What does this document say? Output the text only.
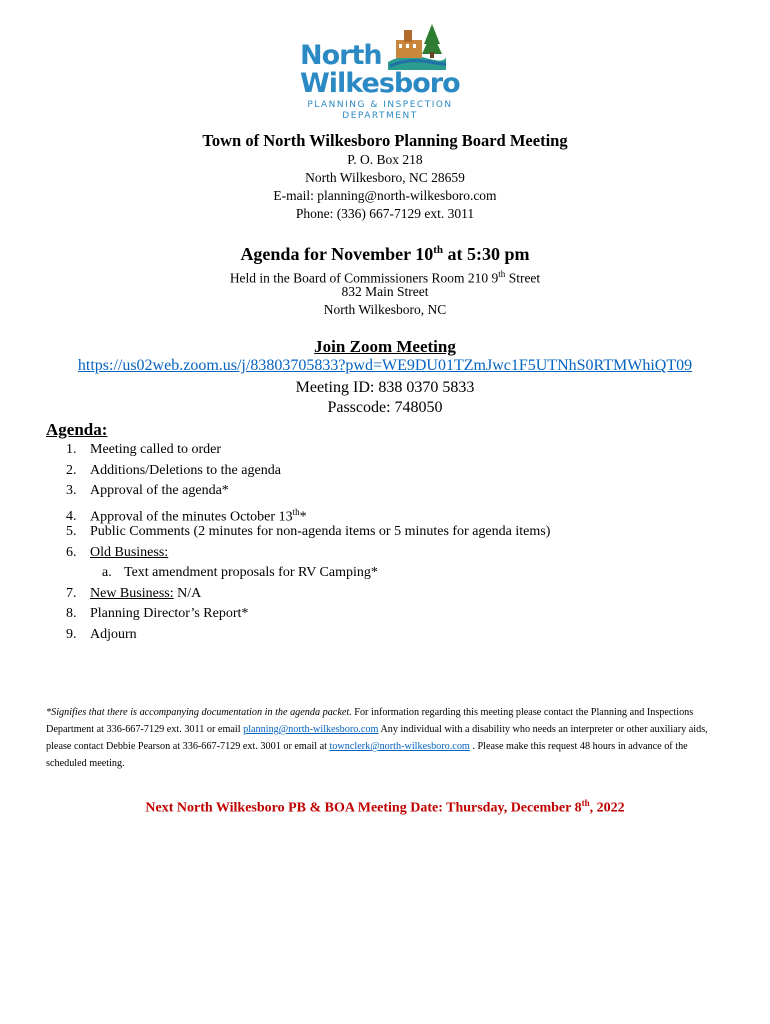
North
Wilkesboro
PLANNING & INSPECTION
DEPARTMENT
Town of North Wilkesboro Planning Board Meeting
P. O. Box 218
North Wilkesboro, NC 28659
E-mail: planning@north-wilkesboro.com
Phone: (336) 667-7129 ext. 3011
Agenda for November 10th at 5:30 pm
Held in the Board of Commissioners Room 210 9th Street
832 Main Street
North Wilkesboro, NC
Join Zoom Meeting
https://us02web.zoom.us/j/83803705833?pwd=WE9DU01TZmJwc1F5UTNhS0RTMWhiQT09
Meeting ID: 838 0370 5833
Passcode: 748050
Agenda:
1. Meeting called to order
2. Additions/Deletions to the agenda
3. Approval of the agenda*
4. Approval of the minutes October 13th*
5. Public Comments (2 minutes for non-agenda items or 5 minutes for agenda items)
6. Old Business:
a. Text amendment proposals for RV Camping*
7. New Business: N/A
8. Planning Director’s Report*
9. Adjourn
*Signifies that there is accompanying documentation in the agenda packet. For information regarding this meeting please contact the Planning and Inspections Department at 336-667-7129 ext. 3011 or email planning@north-wilkesboro.com Any individual with a disability who needs an interpreter or other auxiliary aids, please contact Debbie Pearson at 336-667-7129 ext. 3001 or email at townclerk@north-wilkesboro.com . Please make this request 48 hours in advance of the scheduled meeting.
Next North Wilkesboro PB & BOA Meeting Date: Thursday, December 8th, 2022
